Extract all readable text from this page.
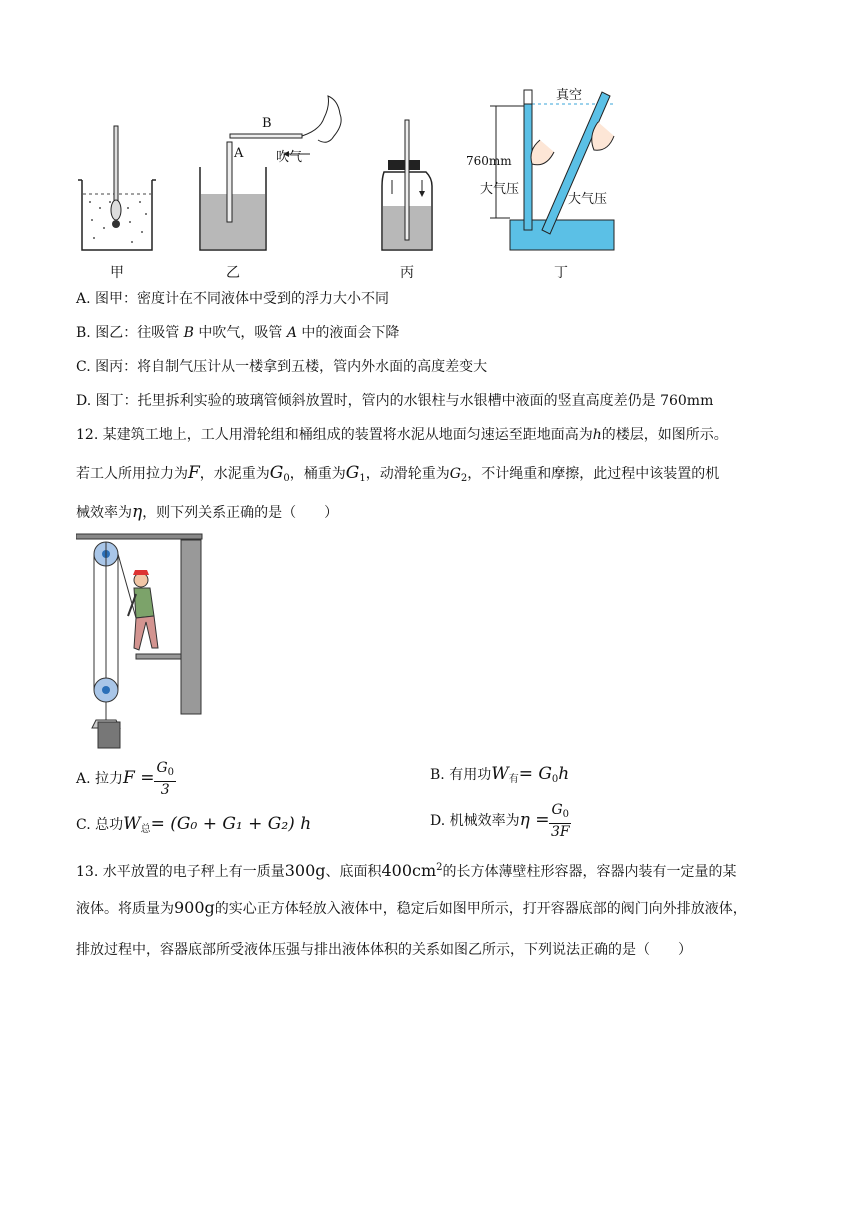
甲	乙	丙	丁
B
A	吹气
真空
760mm
大气压
大气压
A. 图甲：密度计在不同液体中受到的浮力大小不同
B. 图乙：往吸管 B 中吹气，吸管 A 中的液面会下降
C. 图丙：将自制气压计从一楼拿到五楼，管内外水面的高度差变大
D. 图丁：托里拆利实验的玻璃管倾斜放置时，管内的水银柱与水银槽中液面的竖直高度差仍是 760mm
12. 某建筑工地上，工人用滑轮组和桶组成的装置将水泥从地面匀速运至距地面高为h的楼层，如图所示。
若工人所用拉力为F，水泥重为$G_0$，桶重为$G_1$，动滑轮重为$G_2$，不计绳重和摩擦，此过程中该装置的机
械效率为η，则下列关系正确的是（　　）
A. 拉力$F = \frac{G_0}{3}$	B. 有用功$W_有= G_0h$
C. 总功$W_总= (G_0 + G_1 + G_2)$ h	D. 机械效率为$\eta = \frac{G_0}{3F}$
13. 水平放置的电子秤上有一质量300g、底面积$400cm^2$的长方体薄壁柱形容器，容器内装有一定量的某
液体。将质量为900g的实心正方体轻放入液体中，稳定后如图甲所示，打开容器底部的阀门向外排放液体，
排放过程中，容器底部所受液体压强与排出液体体积的关系如图乙所示，下列说法正确的是（　　）
